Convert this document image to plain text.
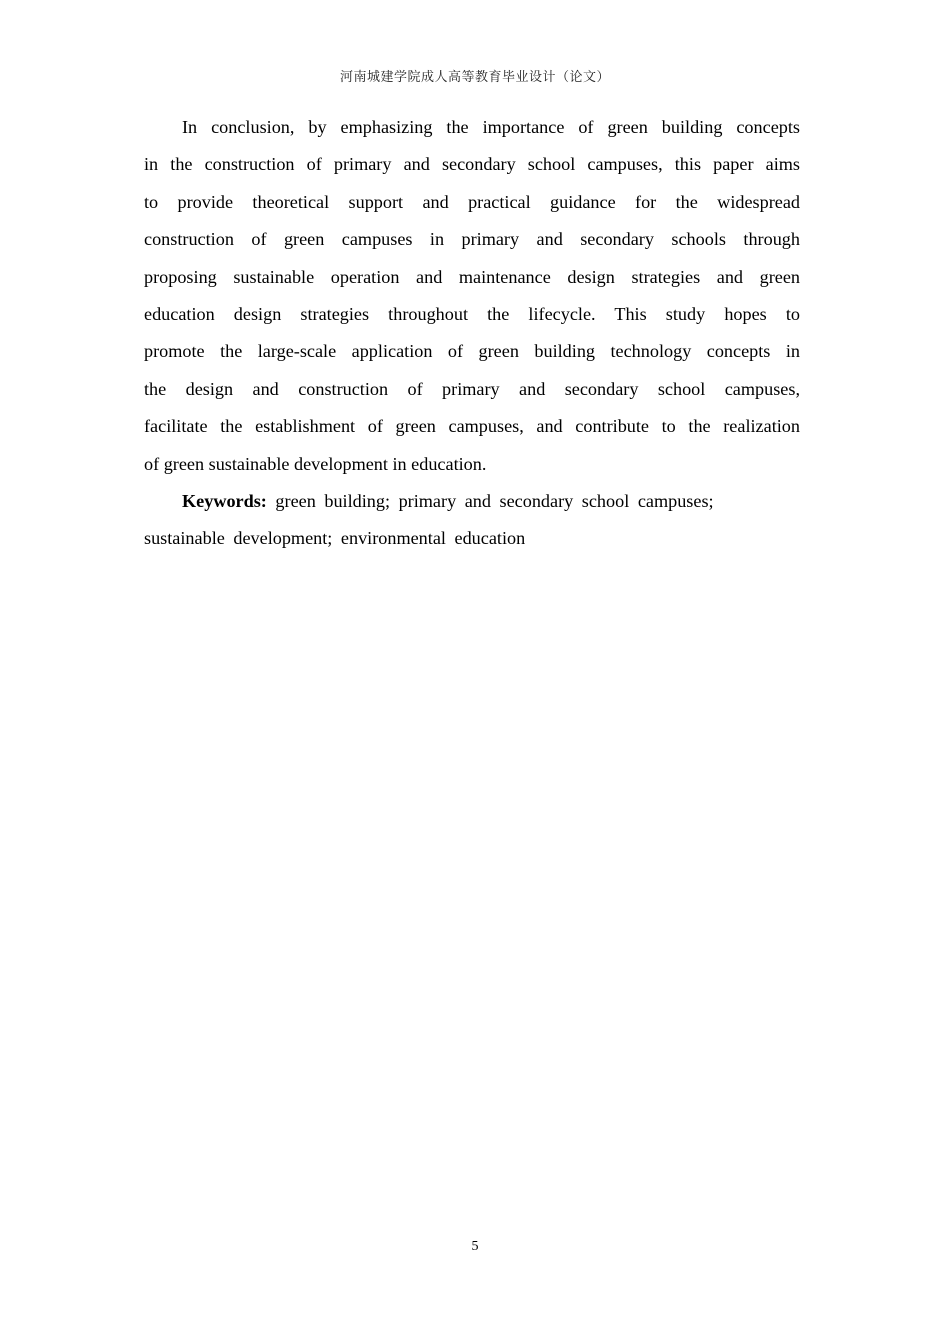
河南城建学院成人高等教育毕业设计（论文）
In conclusion, by emphasizing the importance of green building concepts
in the construction of primary and secondary school campuses, this paper aims
to provide theoretical support and practical guidance for the widespread
construction of green campuses in primary and secondary schools through
proposing sustainable operation and maintenance design strategies and green
education design strategies throughout the lifecycle. This study hopes to
promote the large-scale application of green building technology concepts in
the design and construction of primary and secondary school campuses,
facilitate the establishment of green campuses, and contribute to the realization
of green sustainable development in education.
Keywords: green building; primary and secondary school campuses;
sustainable development; environmental education
5
